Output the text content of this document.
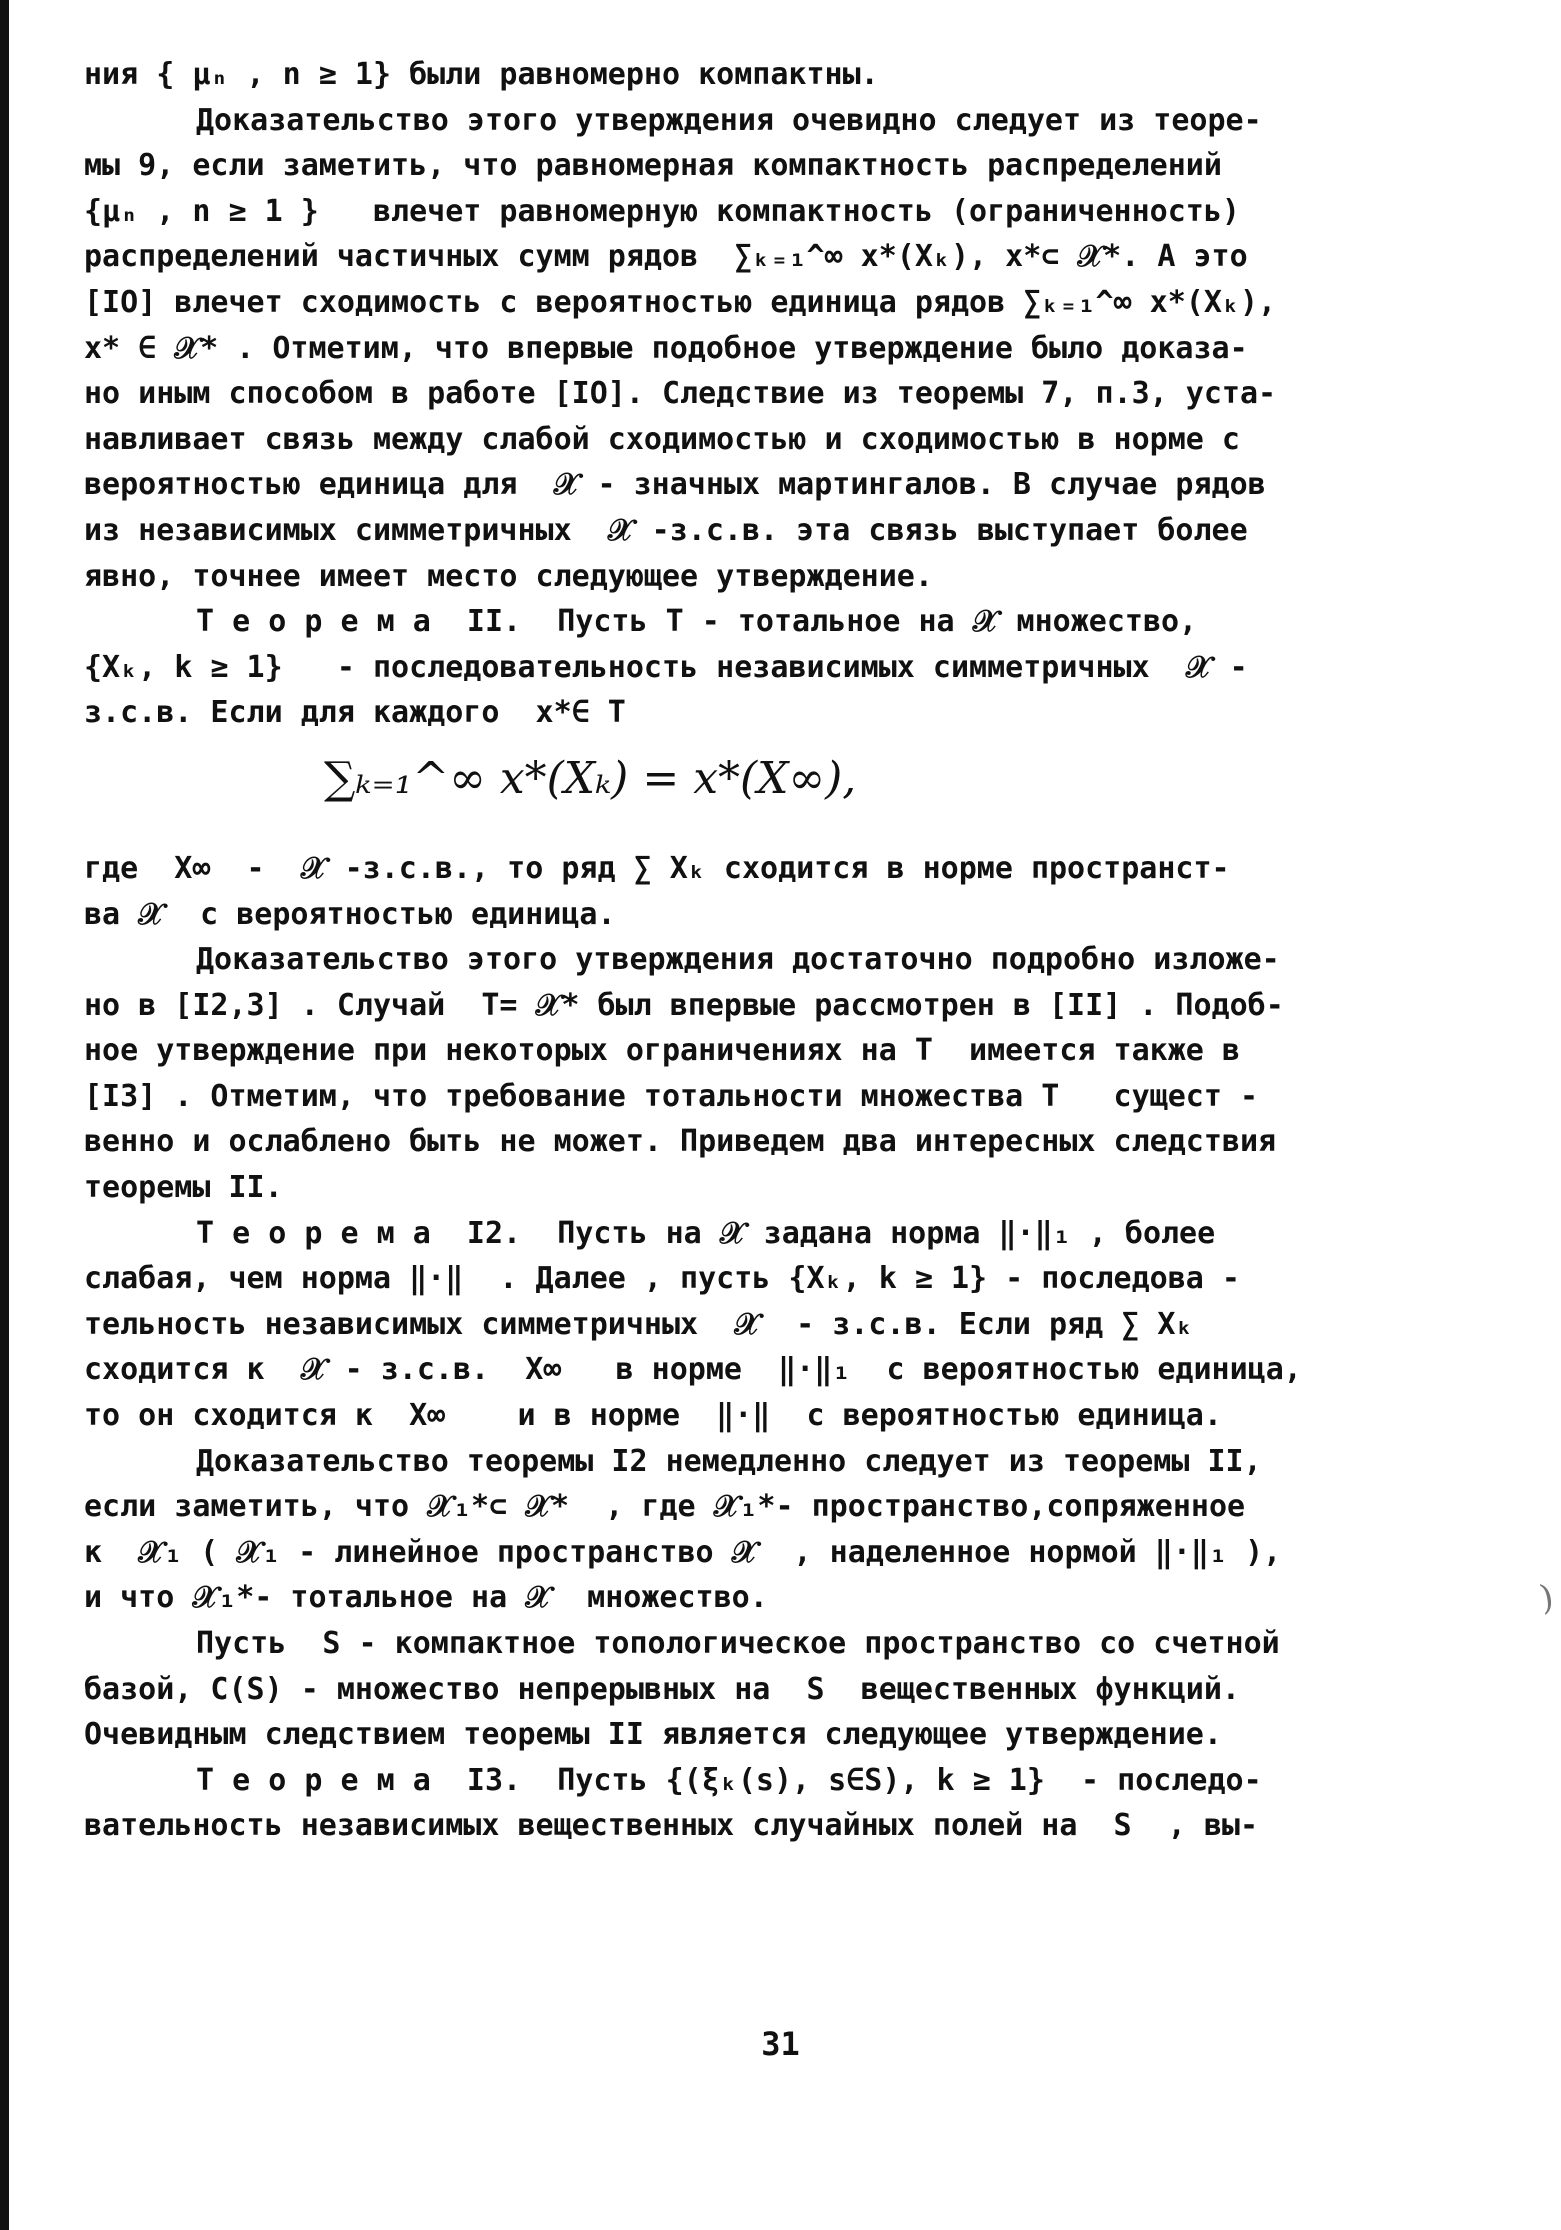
ния { μₙ , n ≥ 1} были равномерно компактны.
Доказательство этого утверждения очевидно следует из теоре-
мы 9, если заметить, что равномерная компактность распределений
{μₙ , n ≥ 1 }   влечет равномерную компактность (ограниченность)
распределений частичных сумм рядов  ∑ₖ₌₁^∞ x*(Xₖ), x*⊂ 𝒳*. А это
[IO] влечет сходимость с вероятностью единица рядов ∑ₖ₌₁^∞ x*(Xₖ),
x* ∈ 𝒳* . Отметим, что впервые подобное утверждение было доказа-
но иным способом в работе [IO]. Следствие из теоремы 7, п.3, уста-
навливает связь между слабой сходимостью и сходимостью в норме с
вероятностью единица для  𝒳 - значных мартингалов. В случае рядов
из независимых симметричных  𝒳 -з.с.в. эта связь выступает более
явно, точнее имеет место следующее утверждение.
Т е о р е м а  II.  Пусть T - тотальное на 𝒳 множество,
{Xₖ, k ≥ 1}   - последовательность независимых симметричных  𝒳 -
з.с.в. Если для каждого  x*∈ T
∑ₖ₌₁^∞ x*(Xₖ) = x*(X∞),
где  X∞  -  𝒳 -з.с.в., то ряд ∑ Xₖ сходится в норме пространст-
ва 𝒳  с вероятностью единица.
Доказательство этого утверждения достаточно подробно изложе-
но в [I2,3] . Случай  T= 𝒳* был впервые рассмотрен в [II] . Подоб-
ное утверждение при некоторых ограничениях на T  имеется также в
[I3] . Отметим, что требование тотальности множества T   сущест -
венно и ослаблено быть не может. Приведем два интересных следствия
теоремы II.
Т е о р е м а  I2.  Пусть на 𝒳 задана норма ‖·‖₁ , более
слабая, чем норма ‖·‖  . Далее , пусть {Xₖ, k ≥ 1} - последова -
тельность независимых симметричных  𝒳  - з.с.в. Если ряд ∑ Xₖ
сходится к  𝒳 - з.с.в.  X∞   в норме  ‖·‖₁  с вероятностью единица,
то он сходится к  X∞    и в норме  ‖·‖  с вероятностью единица.
Доказательство теоремы I2 немедленно следует из теоремы II,
если заметить, что 𝒳₁*⊂ 𝒳*  , где 𝒳₁*- пространство,сопряженное
к  𝒳₁ ( 𝒳₁ - линейное пространство 𝒳  , наделенное нормой ‖·‖₁ ),
и что 𝒳₁*- тотальное на 𝒳  множество.
Пусть  S - компактное топологическое пространство со счетной
базой, C(S) - множество непрерывных на  S  вещественных функций.
Очевидным следствием теоремы II является следующее утверждение.
Т е о р е м а  I3.  Пусть {(ξₖ(s), s∈S), k ≥ 1}  - последо-
вательность независимых вещественных случайных полей на  S  , вы-
31
)
